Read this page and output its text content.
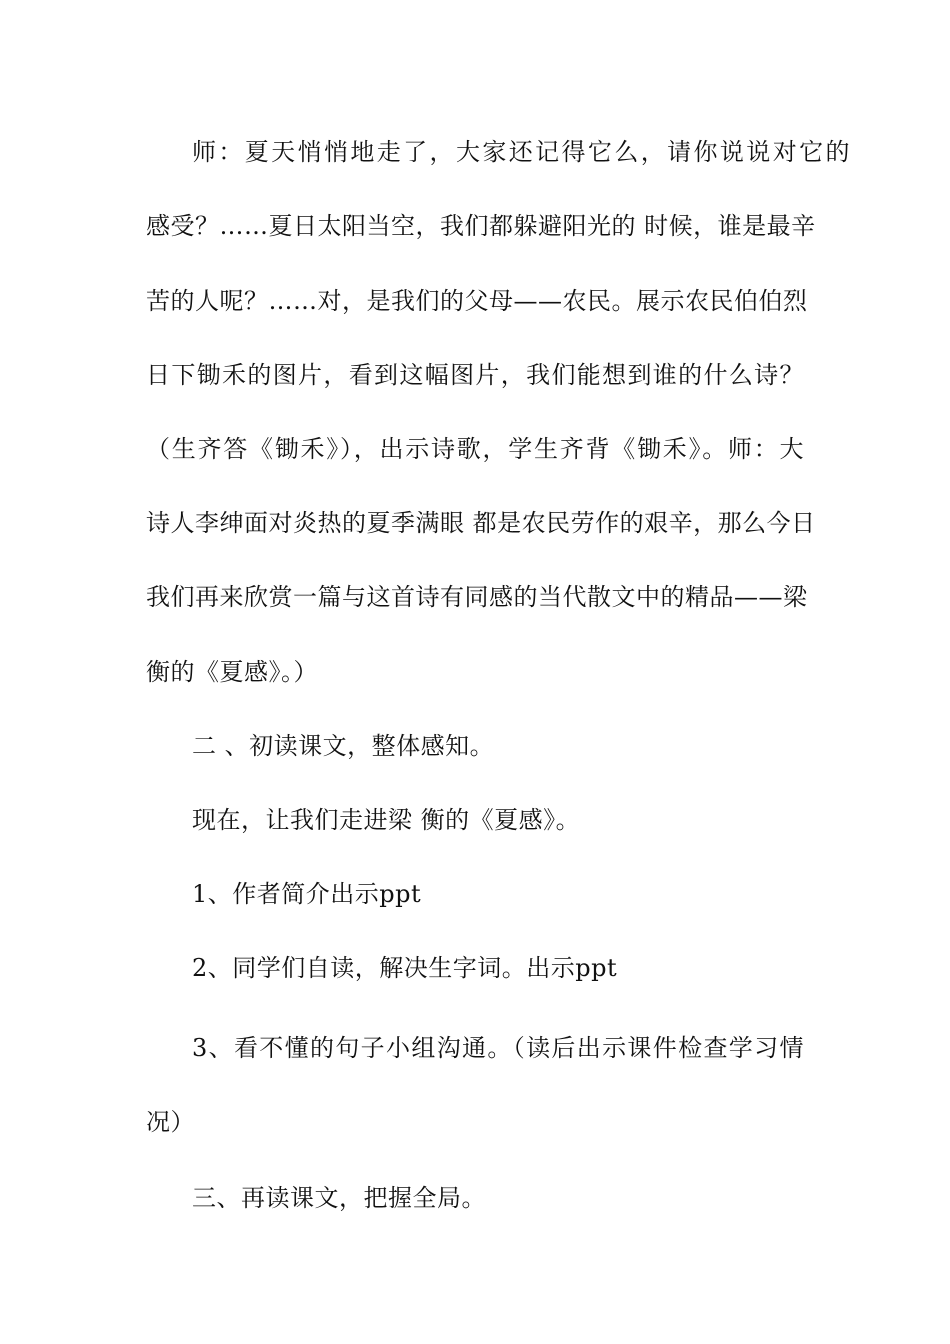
师：夏天悄悄地走了，大家还记得它么，请你说说对它的
感受？……夏日太阳当空，我们都躲避阳光的 时候，谁是最辛
苦的人呢？……对，是我们的父母——农民。展示农民伯伯烈
日下锄禾的图片，看到这幅图片，我们能想到谁的什么诗？
（生齐答《锄禾》），出示诗歌，学生齐背《锄禾》。师：大
诗人李绅面对炎热的夏季满眼 都是农民劳作的艰辛，那么今日
我们再来欣赏一篇与这首诗有同感的当代散文中的精品——梁
衡的《夏感》。）
二 、初读课文，整体感知。
现在，让我们走进梁 衡的《夏感》。
1、作者简介出示ppt
2、同学们自读，解决生字词。出示ppt
3、看不懂的句子小组沟通。（读后出示课件检查学习情
况）
三、再读课文，把握全局。
